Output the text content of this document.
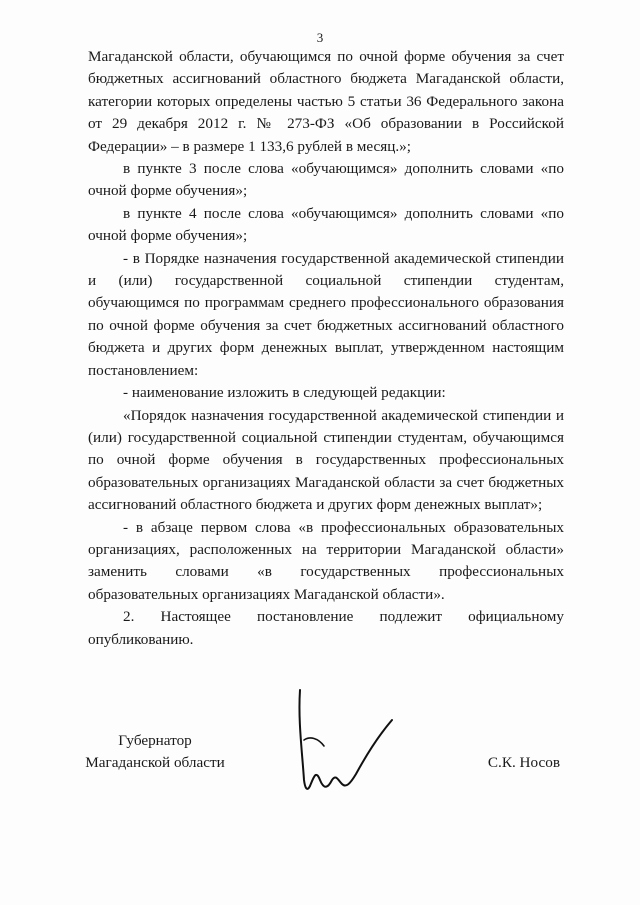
3

Магаданской области, обучающимся по очной форме обучения за счет бюджетных ассигнований областного бюджета Магаданской области, категории которых определены частью 5 статьи 36 Федерального закона от 29 декабря 2012 г. № 273-ФЗ «Об образовании в Российской Федерации» – в размере 1 133,6 рублей в месяц.»;

в пункте 3 после слова «обучающимся» дополнить словами «по очной форме обучения»;

в пункте 4 после слова «обучающимся» дополнить словами «по очной форме обучения»;

- в Порядке назначения государственной академической стипендии и (или) государственной социальной стипендии студентам, обучающимся по программам среднего профессионального образования по очной форме обучения за счет бюджетных ассигнований областного бюджета и других форм денежных выплат, утвержденном настоящим постановлением:

- наименование изложить в следующей редакции:

«Порядок назначения государственной академической стипендии и (или) государственной социальной стипендии студентам, обучающимся по очной форме обучения в государственных профессиональных образовательных организациях Магаданской области за счет бюджетных ассигнований областного бюджета и других форм денежных выплат»;

- в абзаце первом слова «в профессиональных образовательных организациях, расположенных на территории Магаданской области» заменить словами «в государственных профессиональных образовательных организациях Магаданской области».

2. Настоящее постановление подлежит официальному опубликованию.

Губернатор
Магаданской области	С.К. Носов
